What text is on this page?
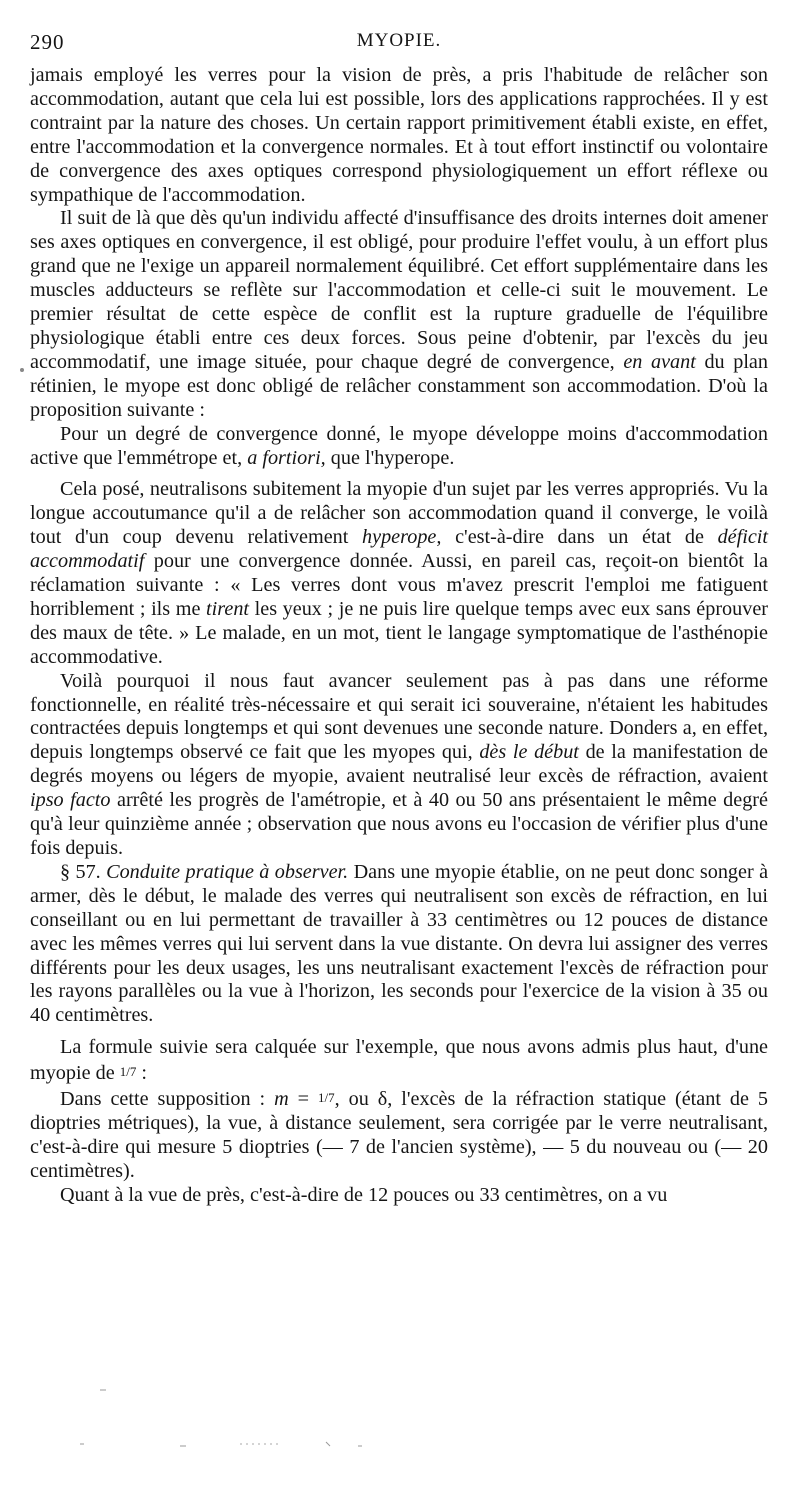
290	MYOPIE.

jamais employé les verres pour la vision de près, a pris l'habitude de relâcher son accommodation, autant que cela lui est possible, lors des applications rapprochées. Il y est contraint par la nature des choses. Un certain rapport primitivement établi existe, en effet, entre l'accommodation et la convergence normales. Et à tout effort instinctif ou volontaire de convergence des axes optiques correspond physiologiquement un effort réflexe ou sympathique de l'accommodation.

Il suit de là que dès qu'un individu affecté d'insuffisance des droits internes doit amener ses axes optiques en convergence, il est obligé, pour produire l'effet voulu, à un effort plus grand que ne l'exige un appareil normalement équilibré. Cet effort supplémentaire dans les muscles adducteurs se reflète sur l'accommodation et celle-ci suit le mouvement. Le premier résultat de cette espèce de conflit est la rupture graduelle de l'équilibre physiologique établi entre ces deux forces. Sous peine d'obtenir, par l'excès du jeu accommodatif, une image située, pour chaque degré de convergence, en avant du plan rétinien, le myope est donc obligé de relâcher constamment son accommodation. D'où la proposition suivante :

Pour un degré de convergence donné, le myope développe moins d'accommodation active que l'emmétrope et, a fortiori, que l'hyperope.

Cela posé, neutralisons subitement la myopie d'un sujet par les verres appropriés. Vu la longue accoutumance qu'il a de relâcher son accommodation quand il converge, le voilà tout d'un coup devenu relativement hyperope, c'est-à-dire dans un état de déficit accommodatif pour une convergence donnée. Aussi, en pareil cas, reçoit-on bientôt la réclamation suivante : « Les verres dont vous m'avez prescrit l'emploi me fatiguent horriblement ; ils me tirent les yeux ; je ne puis lire quelque temps avec eux sans éprouver des maux de tête. » Le malade, en un mot, tient le langage symptomatique de l'asthénopie accommodative.

Voilà pourquoi il nous faut avancer seulement pas à pas dans une réforme fonctionnelle, en réalité très-nécessaire et qui serait ici souveraine, n'étaient les habitudes contractées depuis longtemps et qui sont devenues une seconde nature. Donders a, en effet, depuis longtemps observé ce fait que les myopes qui, dès le début de la manifestation de degrés moyens ou légers de myopie, avaient neutralisé leur excès de réfraction, avaient ipso facto arrêté les progrès de l'amétropie, et à 40 ou 50 ans présentaient le même degré qu'à leur quinzième année ; observation que nous avons eu l'occasion de vérifier plus d'une fois depuis.

§ 57. Conduite pratique à observer. Dans une myopie établie, on ne peut donc songer à armer, dès le début, le malade des verres qui neutralisent son excès de réfraction, en lui conseillant ou en lui permettant de travailler à 33 centimètres ou 12 pouces de distance avec les mêmes verres qui lui servent dans la vue distante. On devra lui assigner des verres différents pour les deux usages, les uns neutralisant exactement l'excès de réfraction pour les rayons parallèles ou la vue à l'horizon, les seconds pour l'exercice de la vision à 35 ou 40 centimètres.

La formule suivie sera calquée sur l'exemple, que nous avons admis plus haut, d'une myopie de 1/7 :

Dans cette supposition : m = 1/7, ou δ, l'excès de la réfraction statique (étant de 5 dioptries métriques), la vue, à distance seulement, sera corrigée par le verre neutralisant, c'est-à-dire qui mesure 5 dioptries (— 7 de l'ancien système), — 5 du nouveau ou (— 20 centimètres).

Quant à la vue de près, c'est-à-dire de 12 pouces ou 33 centimètres, on a vu
